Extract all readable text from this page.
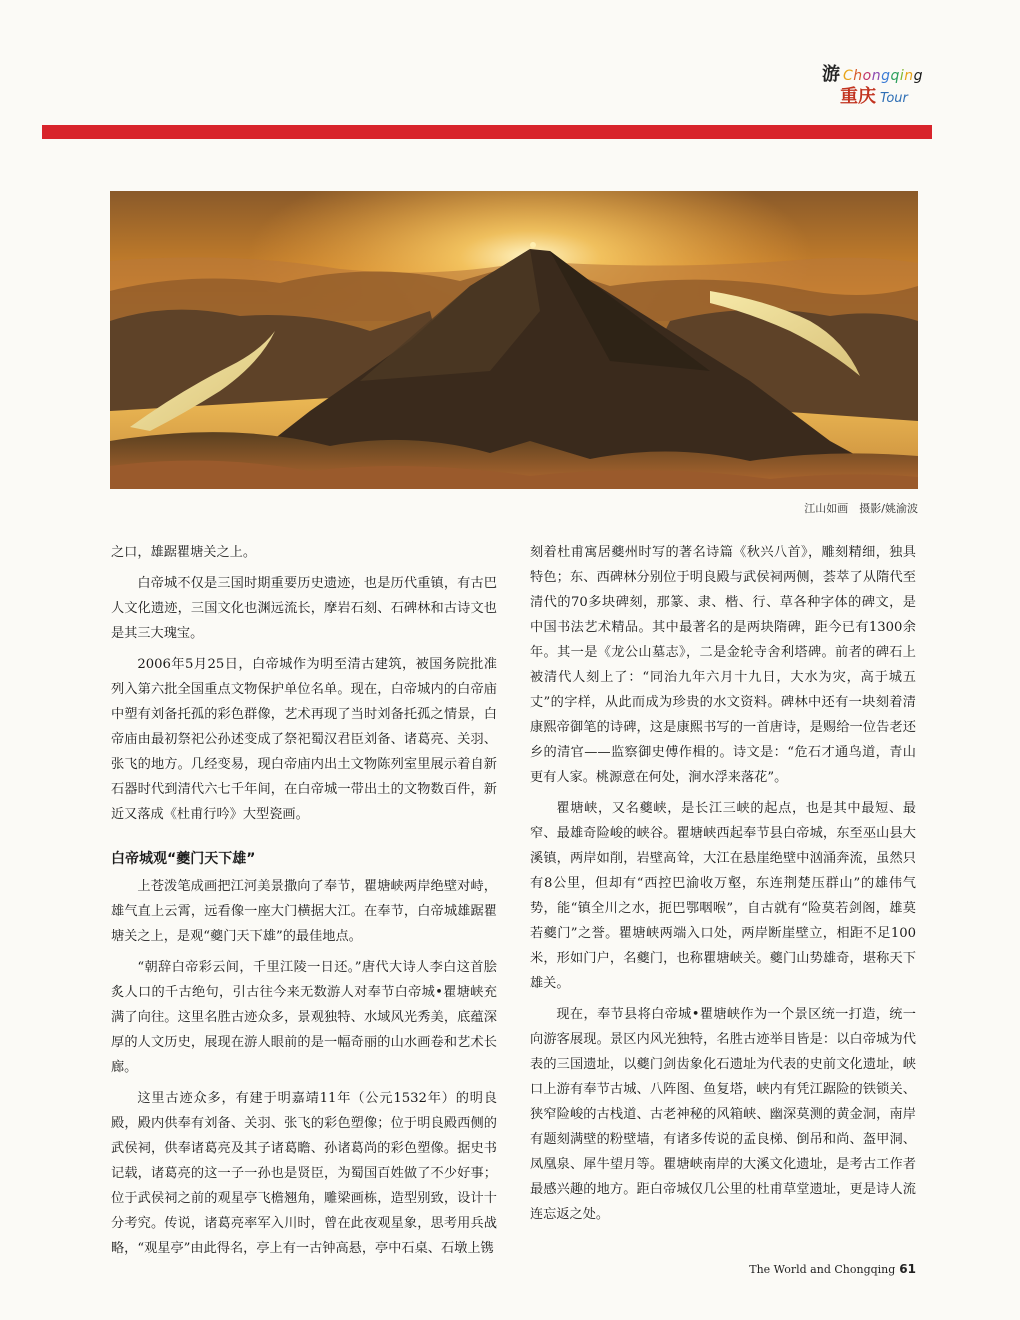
游 Chongqing
重庆 Tour
江山如画　摄影/姚渝波

之口，雄踞瞿塘关之上。

白帝城不仅是三国时期重要历史遗迹，也是历代重镇，有古巴人文化遗迹，三国文化也渊远流长，摩岩石刻、石碑林和古诗文也是其三大瑰宝。

2006年5月25日，白帝城作为明至清古建筑，被国务院批准列入第六批全国重点文物保护单位名单。现在，白帝城内的白帝庙中塑有刘备托孤的彩色群像，艺术再现了当时刘备托孤之情景，白帝庙由最初祭祀公孙述变成了祭祀蜀汉君臣刘备、诸葛亮、关羽、张飞的地方。几经变易，现白帝庙内出土文物陈列室里展示着自新石器时代到清代六七千年间，在白帝城一带出土的文物数百件，新近又落成《杜甫行吟》大型瓷画。

白帝城观“夔门天下雄”

上苍泼笔成画把江河美景撒向了奉节，瞿塘峡两岸绝壁对峙，雄气直上云霄，远看像一座大门横据大江。在奉节，白帝城雄踞瞿塘关之上，是观“夔门天下雄”的最佳地点。

“朝辞白帝彩云间，千里江陵一日还。”唐代大诗人李白这首脍炙人口的千古绝句，引古往今来无数游人对奉节白帝城•瞿塘峡充满了向往。这里名胜古迹众多，景观独特、水域风光秀美，底蕴深厚的人文历史，展现在游人眼前的是一幅奇丽的山水画卷和艺术长廊。

这里古迹众多，有建于明嘉靖11年（公元1532年）的明良殿，殿内供奉有刘备、关羽、张飞的彩色塑像；位于明良殿西侧的武侯祠，供奉诸葛亮及其子诸葛瞻、孙诸葛尚的彩色塑像。据史书记载，诸葛亮的这一子一孙也是贤臣，为蜀国百姓做了不少好事；位于武侯祠之前的观星亭飞檐翘角，雕梁画栋，造型别致，设计十分考究。传说，诸葛亮率军入川时，曾在此夜观星象，思考用兵战略，“观星亭”由此得名，亭上有一古钟高悬，亭中石桌、石墩上镌

刻着杜甫寓居夔州时写的著名诗篇《秋兴八首》，雕刻精细，独具特色；东、西碑林分别位于明良殿与武侯祠两侧，荟萃了从隋代至清代的70多块碑刻，那篆、隶、楷、行、草各种字体的碑文，是中国书法艺术精品。其中最著名的是两块隋碑，距今已有1300余年。其一是《龙公山墓志》，二是金轮寺舍利塔碑。前者的碑石上被清代人刻上了：“同治九年六月十九日，大水为灾，高于城五丈”的字样，从此而成为珍贵的水文资料。碑林中还有一块刻着清康熙帝御笔的诗碑，这是康熙书写的一首唐诗，是赐给一位告老还乡的清官——监察御史傅作楫的。诗文是：“危石才通鸟道，青山更有人家。桃源意在何处，涧水浮来落花”。

瞿塘峡，又名夔峡，是长江三峡的起点，也是其中最短、最窄、最雄奇险峻的峡谷。瞿塘峡西起奉节县白帝城，东至巫山县大溪镇，两岸如削，岩壁高耸，大江在悬崖绝壁中汹涌奔流，虽然只有8公里，但却有“西控巴渝收万壑，东连荆楚压群山”的雄伟气势，能“镇全川之水，扼巴鄂咽喉”，自古就有“险莫若剑阁，雄莫若夔门”之誉。瞿塘峡两端入口处，两岸断崖壁立，相距不足100米，形如门户，名夔门，也称瞿塘峡关。夔门山势雄奇，堪称天下雄关。

现在，奉节县将白帝城•瞿塘峡作为一个景区统一打造，统一向游客展现。景区内风光独特，名胜古迹举目皆是：以白帝城为代表的三国遗址，以夔门剑齿象化石遗址为代表的史前文化遗址，峡口上游有奉节古城、八阵图、鱼复塔，峡内有凭江踞险的铁锁关、狭窄险峻的古栈道、古老神秘的风箱峡、幽深莫测的黄金洞，南岸有题刻满壁的粉壁墙，有诸多传说的孟良梯、倒吊和尚、盔甲洞、凤凰泉、犀牛望月等。瞿塘峡南岸的大溪文化遗址，是考古工作者最感兴趣的地方。距白帝城仅几公里的杜甫草堂遗址，更是诗人流连忘返之处。

The World and Chongqing 61
